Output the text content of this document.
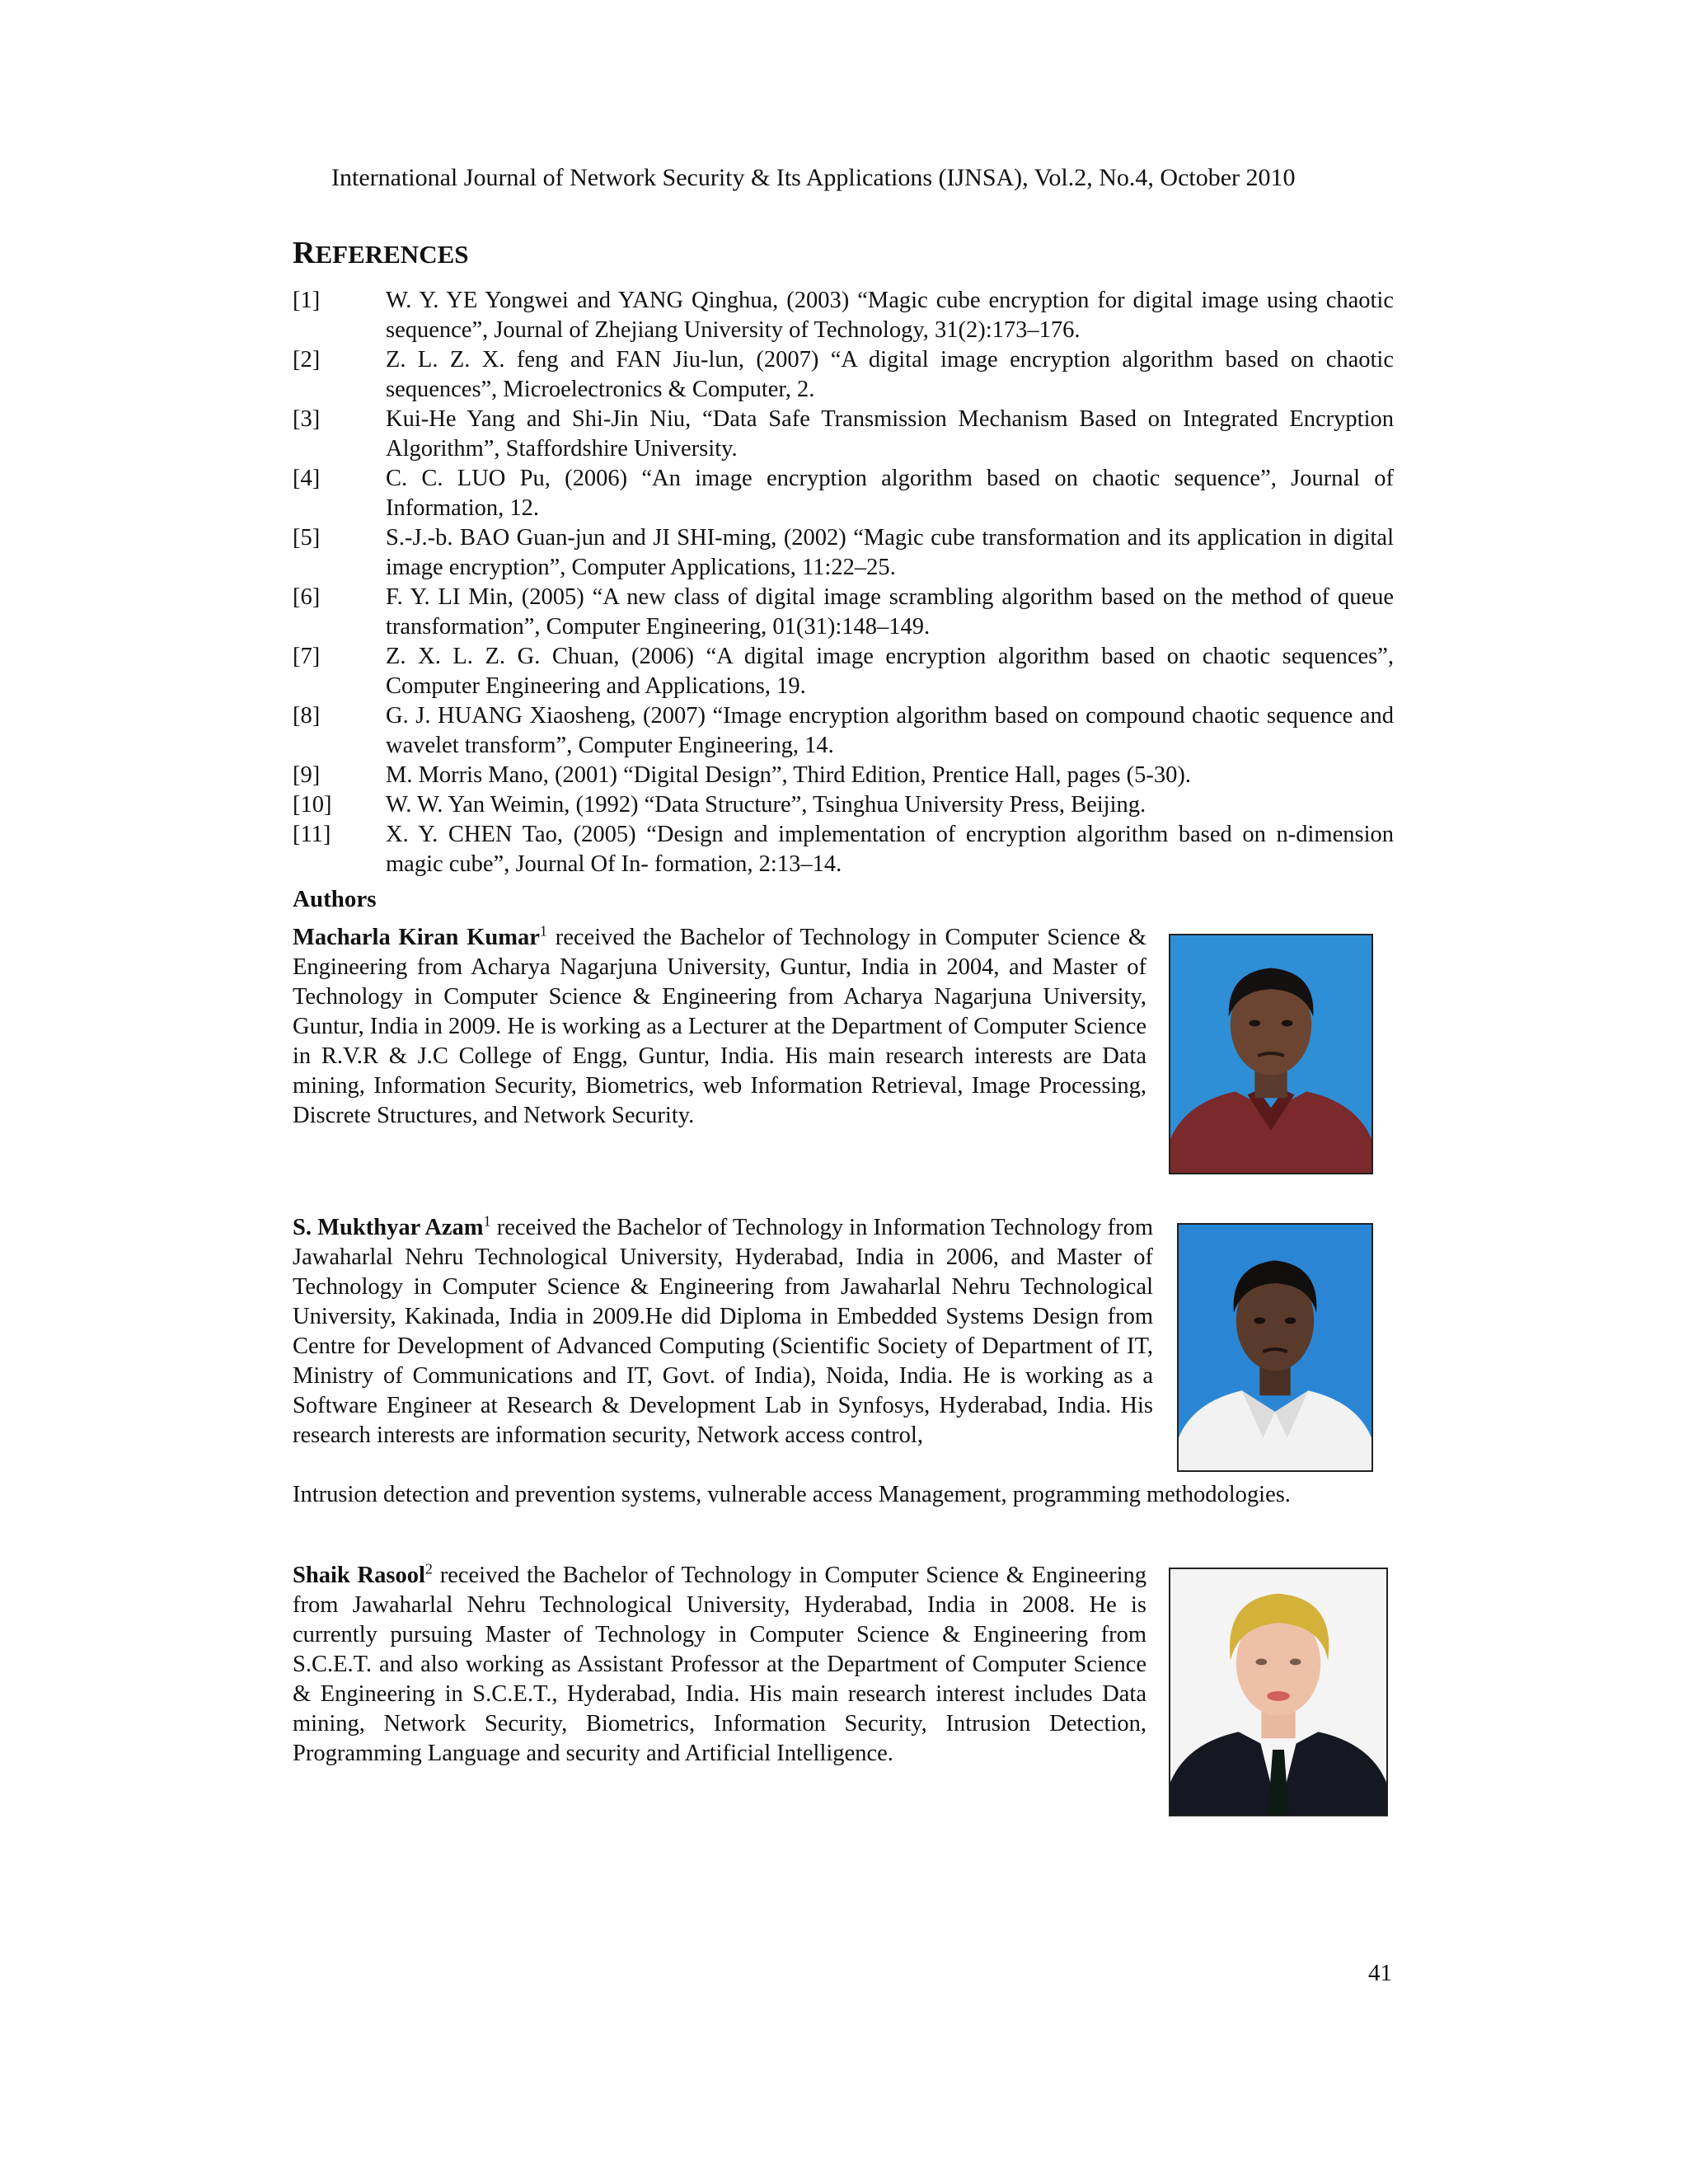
International Journal of Network Security & Its Applications (IJNSA), Vol.2, No.4, October 2010
REFERENCES
[1]	W. Y. YE Yongwei and YANG Qinghua, (2003) “Magic cube encryption for digital image using chaotic sequence”, Journal of Zhejiang University of Technology, 31(2):173–176.
[2]	Z. L. Z. X. feng and FAN Jiu-lun, (2007) “A digital image encryption algorithm based on chaotic sequences”, Microelectronics & Computer, 2.
[3]	Kui-He Yang and Shi-Jin Niu, “Data Safe Transmission Mechanism Based on Integrated Encryption Algorithm”, Staffordshire University.
[4]	C. C. LUO Pu, (2006) “An image encryption algorithm based on chaotic sequence”, Journal of Information, 12.
[5]	S.-J.-b. BAO Guan-jun and JI SHI-ming, (2002) “Magic cube transformation and its application in digital image encryption”, Computer Applications, 11:22–25.
[6]	F. Y. LI Min, (2005) “A new class of digital image scrambling algorithm based on the method of queue transformation”, Computer Engineering, 01(31):148–149.
[7]	Z. X. L. Z. G. Chuan, (2006) “A digital image encryption algorithm based on chaotic sequences”, Computer Engineering and Applications, 19.
[8]	G. J. HUANG Xiaosheng, (2007) “Image encryption algorithm based on compound chaotic sequence and wavelet transform”, Computer Engineering, 14.
[9]	M. Morris Mano, (2001) “Digital Design”, Third Edition, Prentice Hall, pages (5-30).
[10]	W. W. Yan Weimin, (1992) “Data Structure”, Tsinghua University Press, Beijing.
[11]	X. Y. CHEN Tao, (2005) “Design and implementation of encryption algorithm based on n-dimension magic cube”, Journal Of In- formation, 2:13–14.
Authors
Macharla Kiran Kumar$^1$ received the Bachelor of Technology in Computer Science & Engineering from Acharya Nagarjuna University, Guntur, India in 2004, and Master of Technology in Computer Science & Engineering from Acharya Nagarjuna University, Guntur, India in 2009. He is working as a Lecturer at the Department of Computer Science in R.V.R & J.C College of Engg, Guntur, India. His main research interests are Data mining, Information Security, Biometrics, web Information Retrieval, Image Processing, Discrete Structures, and Network Security.
S. Mukthyar Azam$^1$ received the Bachelor of Technology in Information Technology from Jawaharlal Nehru Technological University, Hyderabad, India in 2006, and Master of Technology in Computer Science & Engineering from Jawaharlal Nehru Technological University, Kakinada, India in 2009.He did Diploma in Embedded Systems Design from Centre for Development of Advanced Computing (Scientific Society of Department of IT, Ministry of Communications and IT, Govt. of India), Noida, India. He is working as a Software Engineer at Research & Development Lab in Synfosys, Hyderabad, India. His research interests are information security, Network access control,
Intrusion detection and prevention systems, vulnerable access Management, programming methodologies.
Shaik Rasool$^2$ received the Bachelor of Technology in Computer Science & Engineering from Jawaharlal Nehru Technological University, Hyderabad, India in 2008. He is currently pursuing Master of Technology in Computer Science & Engineering from S.C.E.T. and also working as Assistant Professor at the Department of Computer Science & Engineering in S.C.E.T., Hyderabad, India. His main research interest includes Data mining, Network Security, Biometrics, Information Security, Intrusion Detection, Programming Language and security and Artificial Intelligence.
41
